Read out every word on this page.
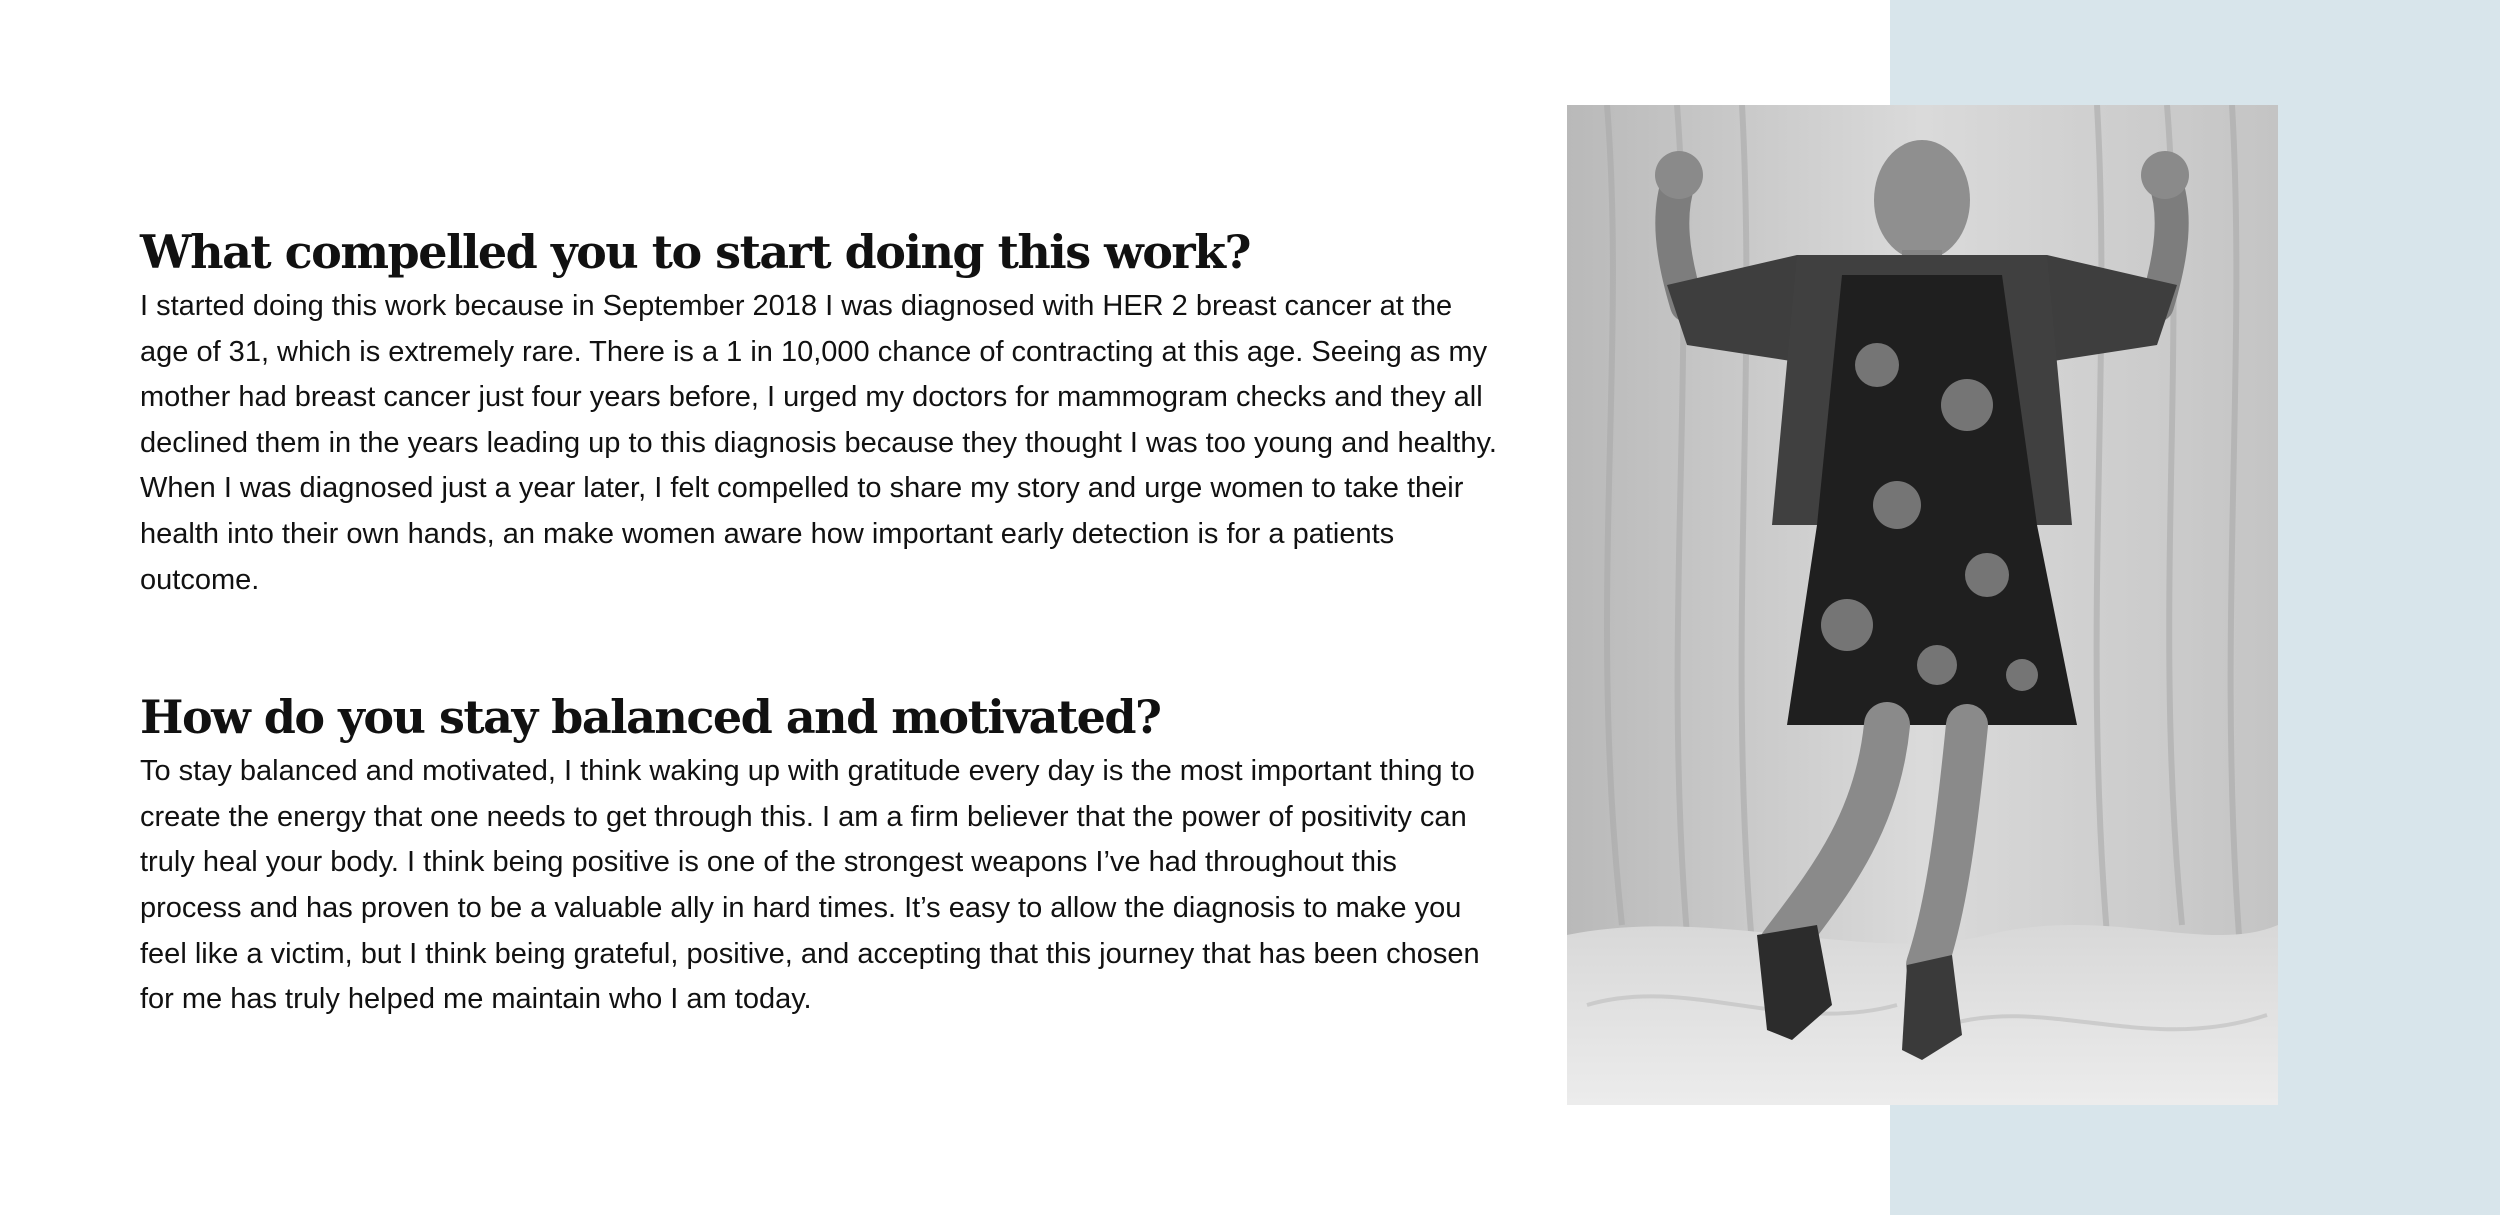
What compelled you to start doing this work?

I started doing this work because in September 2018 I was diagnosed with HER 2 breast cancer at the age of 31, which is extremely rare. There is a 1 in 10,000 chance of contracting at this age. Seeing as my mother had breast cancer just four years before, I urged my doctors for mammogram checks and they all declined them in the years leading up to this diagnosis because they thought I was too young and healthy. When I was diagnosed just a year later, I felt compelled to share my story and urge women to take their health into their own hands, an make women aware how important early detection is for a patients outcome.

How do you stay balanced and motivated?

To stay balanced and motivated, I think waking up with gratitude every day is the most important thing to create the energy that one needs to get through this. I am a firm believer that the power of positivity can truly heal your body. I think being positive is one of the strongest weapons I’ve had throughout this process and has proven to be a valuable ally in hard times. It’s easy to allow the diagnosis to make you feel like a victim, but I think being grateful, positive, and accepting that this journey that has been chosen for me has truly helped me maintain who I am today.
